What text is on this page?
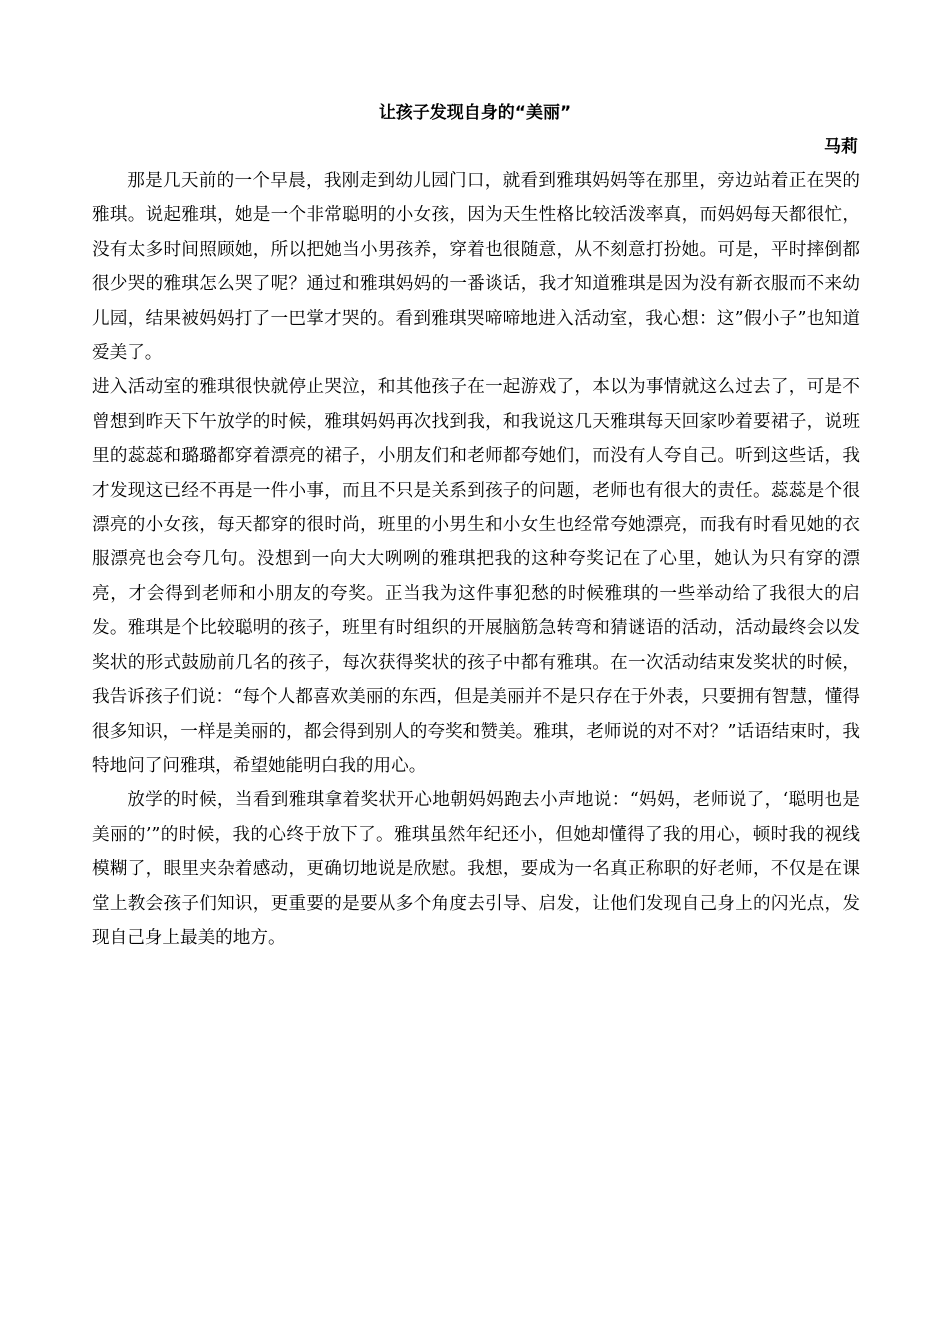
让孩子发现自身的“美丽”
马莉

那是几天前的一个早晨，我刚走到幼儿园门口，就看到雅琪妈妈等在那里，旁边站着正在哭的雅琪。说起雅琪，她是一个非常聪明的小女孩，因为天生性格比较活泼率真，而妈妈每天都很忙，没有太多时间照顾她，所以把她当小男孩养，穿着也很随意，从不刻意打扮她。可是，平时摔倒都很少哭的雅琪怎么哭了呢？通过和雅琪妈妈的一番谈话，我才知道雅琪是因为没有新衣服而不来幼儿园，结果被妈妈打了一巴掌才哭的。看到雅琪哭啼啼地进入活动室，我心想：这”假小子”也知道爱美了。

进入活动室的雅琪很快就停止哭泣，和其他孩子在一起游戏了，本以为事情就这么过去了，可是不曾想到昨天下午放学的时候，雅琪妈妈再次找到我，和我说这几天雅琪每天回家吵着要裙子，说班里的蕊蕊和璐璐都穿着漂亮的裙子，小朋友们和老师都夸她们，而没有人夸自己。听到这些话，我才发现这已经不再是一件小事，而且不只是关系到孩子的问题，老师也有很大的责任。蕊蕊是个很漂亮的小女孩，每天都穿的很时尚，班里的小男生和小女生也经常夸她漂亮，而我有时看见她的衣服漂亮也会夸几句。没想到一向大大咧咧的雅琪把我的这种夸奖记在了心里，她认为只有穿的漂亮，才会得到老师和小朋友的夸奖。正当我为这件事犯愁的时候雅琪的一些举动给了我很大的启发。雅琪是个比较聪明的孩子，班里有时组织的开展脑筋急转弯和猜谜语的活动，活动最终会以发奖状的形式鼓励前几名的孩子，每次获得奖状的孩子中都有雅琪。在一次活动结束发奖状的时候，我告诉孩子们说：“每个人都喜欢美丽的东西，但是美丽并不是只存在于外表，只要拥有智慧，懂得很多知识，一样是美丽的，都会得到别人的夸奖和赞美。雅琪，老师说的对不对？”话语结束时，我特地问了问雅琪，希望她能明白我的用心。

放学的时候，当看到雅琪拿着奖状开心地朝妈妈跑去小声地说：“妈妈，老师说了，‘聪明也是美丽的’”的时候，我的心终于放下了。雅琪虽然年纪还小，但她却懂得了我的用心，顿时我的视线模糊了，眼里夹杂着感动，更确切地说是欣慰。我想，要成为一名真正称职的好老师，不仅是在课堂上教会孩子们知识，更重要的是要从多个角度去引导、启发，让他们发现自己身上的闪光点，发现自己身上最美的地方。
